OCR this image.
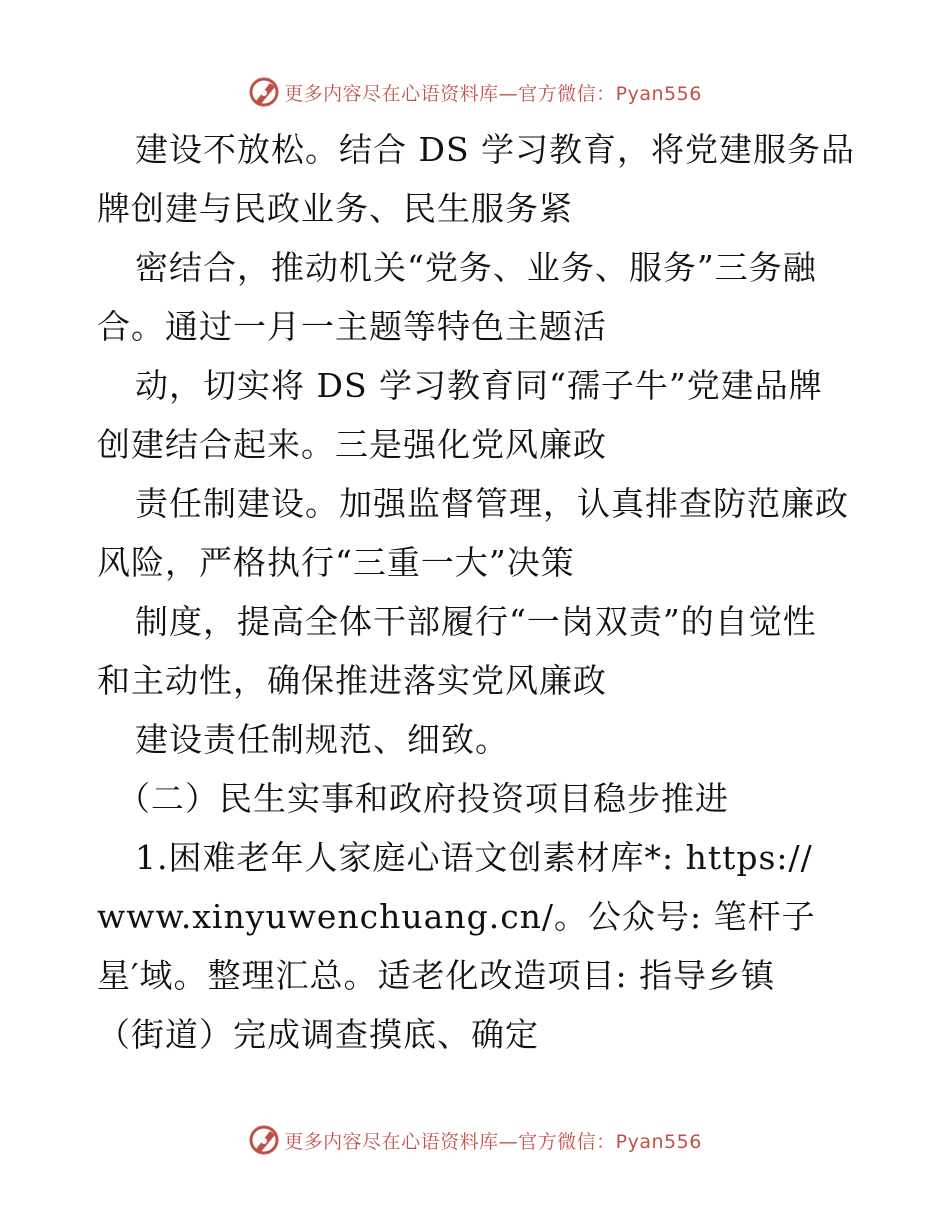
更多内容尽在心语资料库—官方微信：Pyan556
建设不放松。结合 DS 学习教育，将党建服务品
牌创建与民政业务、民生服务紧
密结合，推动机关“党务、业务、服务”三务融
合。通过一月一主题等特色主题活
动，切实将 DS 学习教育同“孺子牛”党建品牌
创建结合起来。三是强化党风廉政
责任制建设。加强监督管理，认真排查防范廉政
风险，严格执行“三重一大”决策
制度，提高全体干部履行“一岗双责”的自觉性
和主动性，确保推进落实党风廉政
建设责任制规范、细致。
（二）民生实事和政府投资项目稳步推进
1.困难老年人家庭心语文创素材库*: https://
www.xinyuwenchuang.cn/。公众号: 笔杆子
星′域。整理汇总。适老化改造项目: 指导乡镇
（街道）完成调查摸底、确定
更多内容尽在心语资料库—官方微信：Pyan556
